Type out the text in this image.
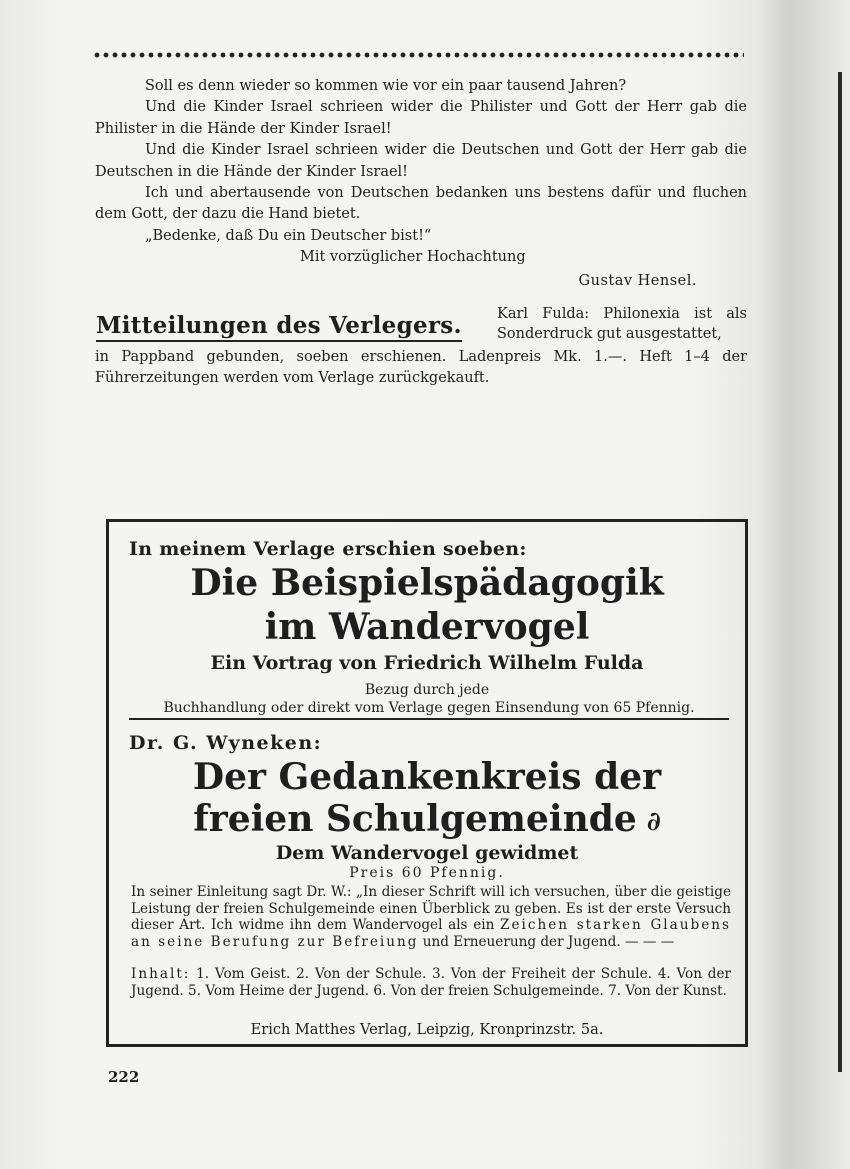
Soll es denn wieder so kommen wie vor ein paar tausend Jahren?

Und die Kinder Israel schrieen wider die Philister und Gott der Herr gab die Philister in die Hände der Kinder Israel!

Und die Kinder Israel schrieen wider die Deutschen und Gott der Herr gab die Deutschen in die Hände der Kinder Israel!

Ich und abertausende von Deutschen bedanken uns bestens dafür und fluchen dem Gott, der dazu die Hand bietet.

„Bedenke, daß Du ein Deutscher bist!“

Mit vorzüglicher Hochachtung

Gustav Hensel.

Mitteilungen des Verlegers. Karl Fulda: Philonexia ist als Sonderdruck gut ausgestattet,
in Pappband gebunden, soeben erschienen. Ladenpreis Mk. 1.—. Heft 1–4 der Führerzeitungen werden vom Verlage zurückgekauft.
In meinem Verlage erschien soeben:
Die Beispielspädagogik
im Wandervogel
Ein Vortrag von Friedrich Wilhelm Fulda
Bezug durch jede
Buchhandlung oder direkt vom Verlage gegen Einsendung von 65 Pfennig.
Dr. G. Wyneken:
Der Gedankenkreis der
freien Schulgemeinde ∂
Dem Wandervogel gewidmet
Preis 60 Pfennig.
In seiner Einleitung sagt Dr. W.: „In dieser Schrift will ich versuchen, über die geistige Leistung der freien Schulgemeinde einen Überblick zu geben. Es ist der erste Versuch dieser Art. Ich widme ihn dem Wandervogel als ein Zeichen starken Glaubens an seine Berufung zur Befreiung und Erneuerung der Jugend. — — —
Inhalt: 1. Vom Geist. 2. Von der Schule. 3. Von der Freiheit der Schule. 4. Von der Jugend. 5. Vom Heime der Jugend. 6. Von der freien Schulgemeinde. 7. Von der Kunst.
Erich Matthes Verlag, Leipzig, Kronprinzstr. 5a.
222
